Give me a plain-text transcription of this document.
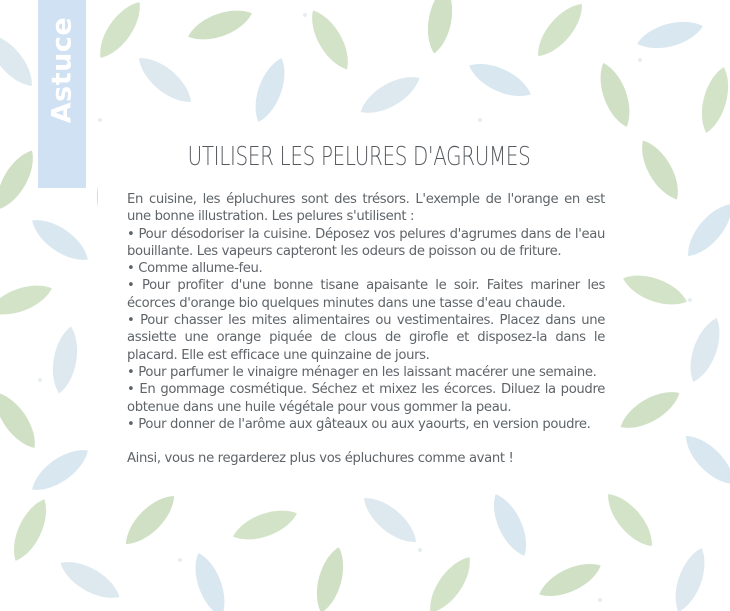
Astuce
UTILISER LES PELURES D'AGRUMES

En cuisine, les épluchures sont des trésors. L'exemple de l'orange en est une bonne illustration. Les pelures s'utilisent :

• Pour désodoriser la cuisine. Déposez vos pelures d'agrumes dans de l'eau bouillante. Les vapeurs capteront les odeurs de poisson ou de friture.

• Comme allume-feu.

• Pour profiter d'une bonne tisane apaisante le soir. Faites mariner les écorces d'orange bio quelques minutes dans une tasse d'eau chaude.

• Pour chasser les mites alimentaires ou vestimentaires. Placez dans une assiette une orange piquée de clous de girofle et disposez-la dans le placard. Elle est efficace une quinzaine de jours.

• Pour parfumer le vinaigre ménager en les laissant macérer une semaine.

• En gommage cosmétique. Séchez et mixez les écorces. Diluez la poudre obtenue dans une huile végétale pour vous gommer la peau.

• Pour donner de l'arôme aux gâteaux ou aux yaourts, en version poudre.

Ainsi, vous ne regarderez plus vos épluchures comme avant !
